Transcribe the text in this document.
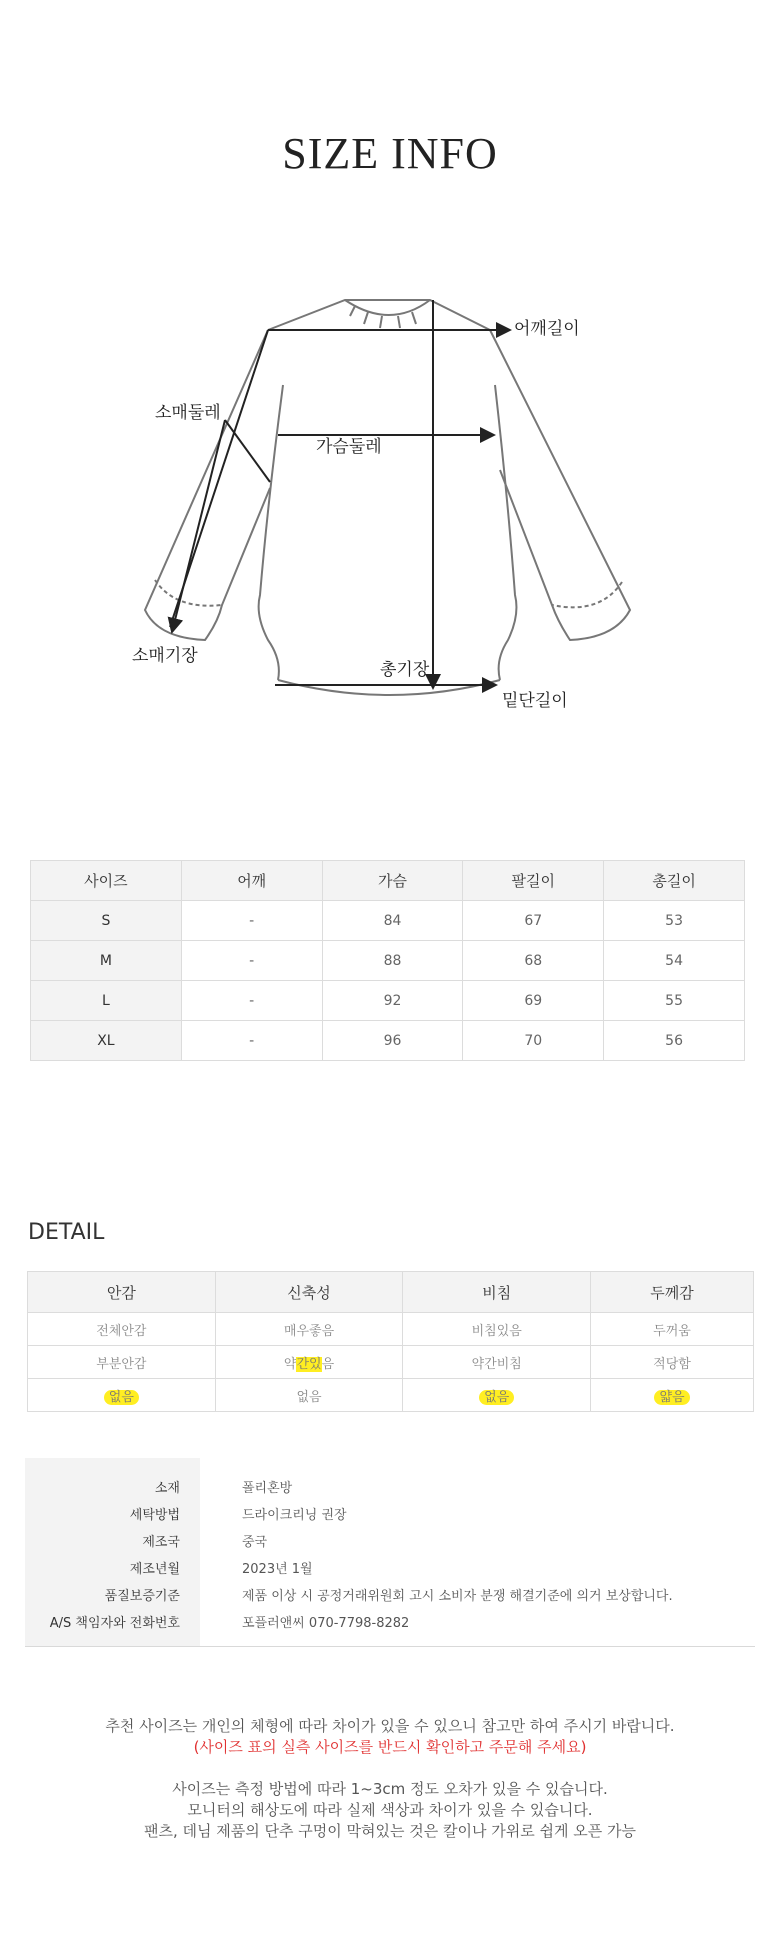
SIZE INFO
어깨길이
소매둘레
가슴둘레
소매기장
총기장
밑단길이
사이즈	어깨	가슴	팔길이	총길이
S	-	84	67	53
M	-	88	68	54
L	-	92	69	55
XL	-	96	70	56
DETAIL
안감	신축성	비침	두께감
전체안감	매우좋음	비침있음	두꺼움
부분안감	약간있음	약간비침	적당함
없음	없음	없음	얇음
소재	폴리혼방
세탁방법	드라이크리닝 권장
제조국	중국
제조년월	2023년 1월
품질보증기준	제품 이상 시 공정거래위원회 고시 소비자 분쟁 해결기준에 의거 보상합니다.
A/S 책임자와 전화번호	포플러앤씨 070-7798-8282
추천 사이즈는 개인의 체형에 따라 차이가 있을 수 있으니 참고만 하여 주시기 바랍니다.
(사이즈 표의 실측 사이즈를 반드시 확인하고 주문해 주세요)
사이즈는 측정 방법에 따라 1~3cm 정도 오차가 있을 수 있습니다.
모니터의 해상도에 따라 실제 색상과 차이가 있을 수 있습니다.
팬츠, 데님 제품의 단추 구멍이 막혀있는 것은 칼이나 가위로 쉽게 오픈 가능
